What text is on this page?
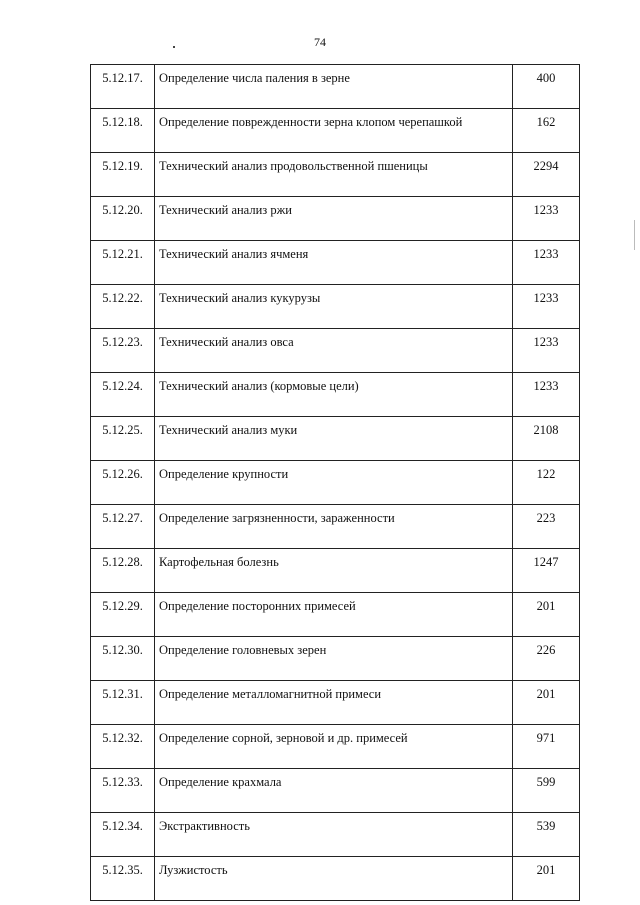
74
5.12.17.	Определение числа паления в зерне	400
5.12.18.	Определение поврежденности зерна клопом черепашкой	162
5.12.19.	Технический анализ продовольственной пшеницы	2294
5.12.20.	Технический анализ ржи	1233
5.12.21.	Технический анализ ячменя	1233
5.12.22.	Технический анализ кукурузы	1233
5.12.23.	Технический анализ овса	1233
5.12.24.	Технический анализ (кормовые цели)	1233
5.12.25.	Технический анализ муки	2108
5.12.26.	Определение крупности	122
5.12.27.	Определение загрязненности, зараженности	223
5.12.28.	Картофельная болезнь	1247
5.12.29.	Определение посторонних примесей	201
5.12.30.	Определение головневых зерен	226
5.12.31.	Определение металломагнитной примеси	201
5.12.32.	Определение сорной, зерновой и др. примесей	971
5.12.33.	Определение крахмала	599
5.12.34.	Экстрактивность	539
5.12.35.	Лузжистость	201
